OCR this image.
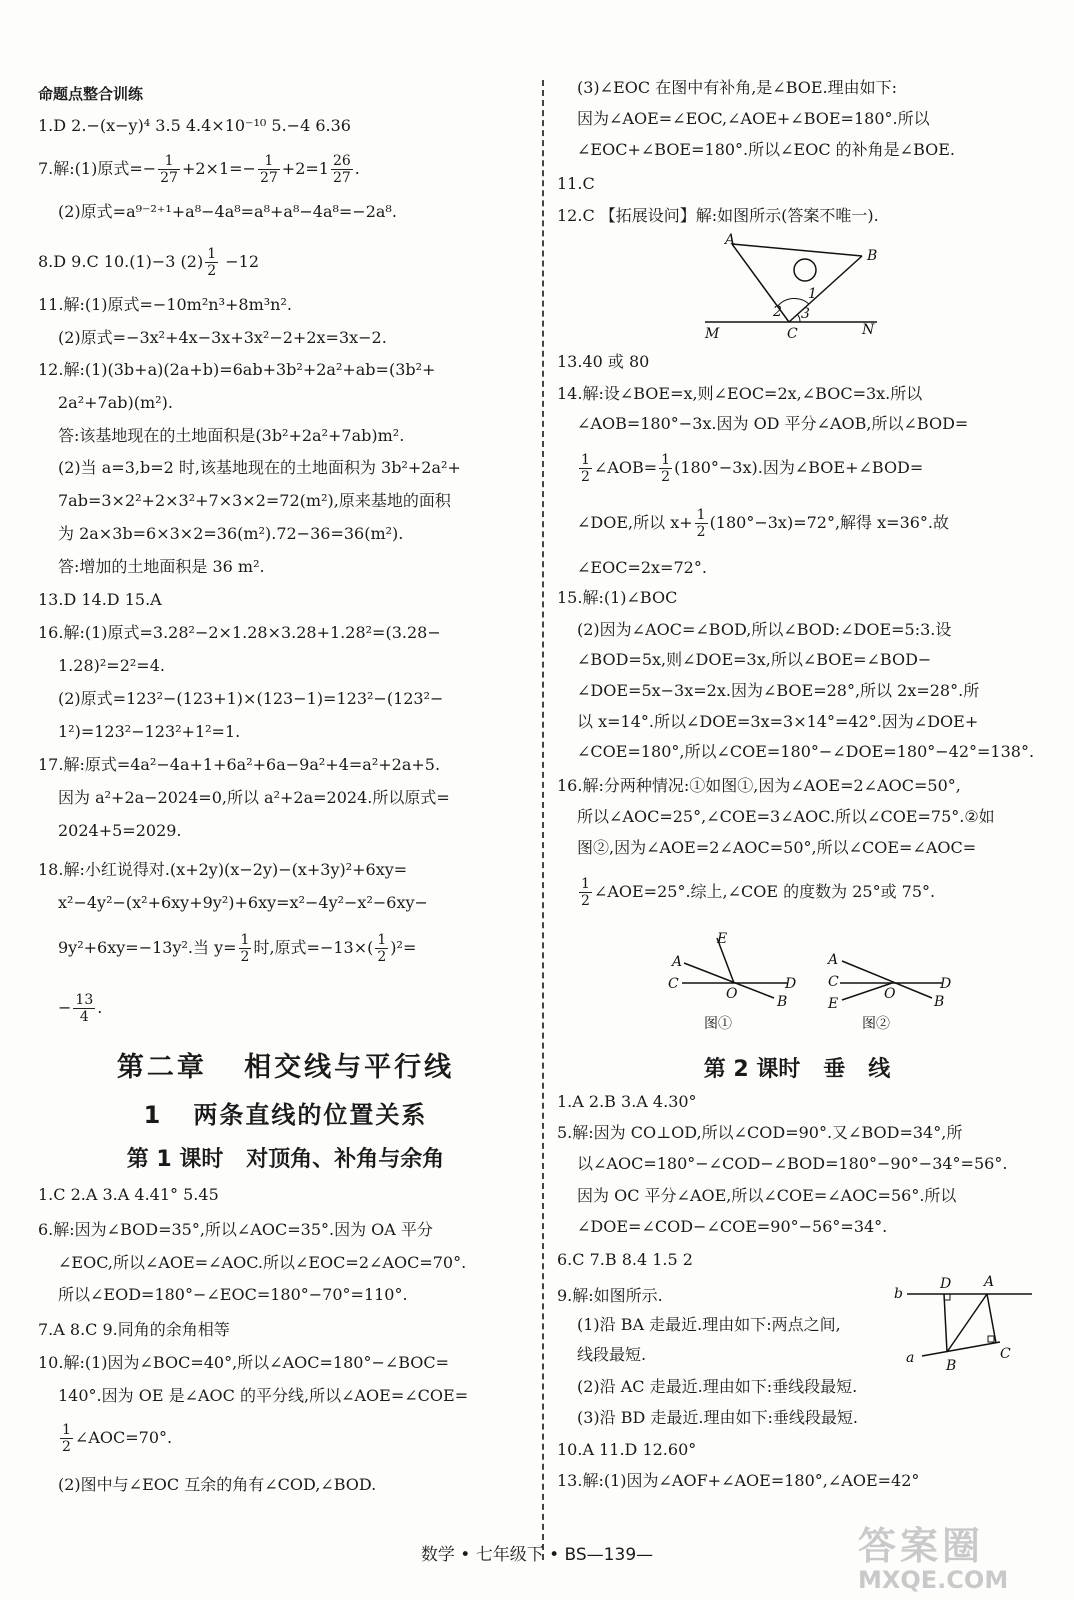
命题点整合训练
1.D 2.−(x−y)⁴ 3.5 4.4×10⁻¹⁰ 5.−4 6.36
7.解:(1)原式=− $\frac{1}{27} +2\times 1=- \frac{1}{27} +2=1 \frac{26}{27}$ .
(2)原式=a⁹⁻²⁺¹+a⁸−4a⁸=a⁸+a⁸−4a⁸=−2a⁸.
8.D 9.C 10.(1)−3 $(2) \frac{1}{2} -12$
11.解:(1)原式=−10m²n³+8m³n².
(2)原式=−3x²+4x−3x+3x²−2+2x=3x−2.
12.解:(1)(3b+a)(2a+b)=6ab+3b²+2a²+ab=(3b²+
2a²+7ab)(m²).
答:该基地现在的土地面积是(3b²+2a²+7ab)m².
(2)当 a=3,b=2 时,该基地现在的土地面积为 3b²+2a²+
7ab=3×2²+2×3²+7×3×2=72(m²),原来基地的面积
为 2a×3b=6×3×2=36(m²).72−36=36(m²).
答:增加的土地面积是 36 m².
13.D 14.D 15.A
16.解:(1)原式=3.28²−2×1.28×3.28+1.28²=(3.28−
1.28)²=2²=4.
(2)原式=123²−(123+1)×(123−1)=123²−(123²−
1²)=123²−123²+1²=1.
17.解:原式=4a²−4a+1+6a²+6a−9a²+4=a²+2a+5.
因为 a²+2a−2024=0,所以 a²+2a=2024.所以原式=
2024+5=2029.
18.解:小红说得对.(x+2y)(x−2y)−(x+3y)²+6xy=
x²−4y²−(x²+6xy+9y²)+6xy=x²−4y²−x²−6xy−
9y²+6xy=−13y².当 $y= \frac{1}{2}$ 时,原式$=-13\times( \frac{1}{2} )^2=$
− $\frac{13}{4}$ .
第二章   相交线与平行线
1   两条直线的位置关系
第 1 课时   对顶角、补角与余角
1.C 2.A 3.A 4.41° 5.45
6.解:因为∠BOD=35°,所以∠AOC=35°.因为 OA 平分
∠EOC,所以∠AOE=∠AOC.所以∠EOC=2∠AOC=70°.
所以∠EOD=180°−∠EOC=180°−70°=110°.
7.A 8.C 9.同角的余角相等
10.解:(1)因为∠BOC=40°,所以∠AOC=180°−∠BOC=
140°.因为 OE 是∠AOC 的平分线,所以∠AOE=∠COE=
$\frac{1}{2}$ ∠AOC=70°.
(2)图中与∠EOC 互余的角有∠COD,∠BOD.
(3)∠EOC 在图中有补角,是∠BOE.理由如下:
因为∠AOE=∠EOC,∠AOE+∠BOE=180°.所以
∠EOC+∠BOE=180°.所以∠EOC 的补角是∠BOE.
11.C
12.C 【拓展设问】解:如图所示(答案不唯一).
A
B
M	C	N
2
1
3
13.40 或 80
14.解:设∠BOE=x,则∠EOC=2x,∠BOC=3x.所以
∠AOB=180°−3x.因为 OD 平分∠AOB,所以∠BOD=
$\frac{1}{2}$ ∠AOB= $\frac{1}{2} (180^\circ-3x)$.因为∠BOE+∠BOD=
∠DOE,所以 $x+ \frac{1}{2} (180^\circ-3x)=72^\circ$,解得 x=36°.故
∠EOC=2x=72°.
15.解:(1)∠BOC
(2)因为∠AOC=∠BOD,所以∠BOD:∠DOE=5:3.设
∠BOD=5x,则∠DOE=3x,所以∠BOE=∠BOD−
∠DOE=5x−3x=2x.因为∠BOE=28°,所以 2x=28°.所
以 x=14°.所以∠DOE=3x=3×14°=42°.因为∠DOE+
∠COE=180°,所以∠COE=180°−∠DOE=180°−42°=138°.
16.解:分两种情况:①如图①,因为∠AOE=2∠AOC=50°,
所以∠AOC=25°,∠COE=3∠AOC.所以∠COE=75°.②如
图②,因为∠AOE=2∠AOC=50°,所以∠COE=∠AOC=
$\frac{1}{2}$ ∠AOE=25°.综上,∠COE 的度数为 25°或 75°.
E
A
C
O
D
B
图①
A
C
E
O
D
B
图②
第 2 课时   垂   线
1.A 2.B 3.A 4.30°
5.解:因为 CO⊥OD,所以∠COD=90°.又∠BOD=34°,所
以∠AOC=180°−∠COD−∠BOD=180°−90°−34°=56°.
因为 OC 平分∠AOE,所以∠COE=∠AOC=56°.所以
∠DOE=∠COD−∠COE=90°−56°=34°.
6.C 7.B 8.4 1.5 2
9.解:如图所示.
(1)沿 BA 走最近.理由如下:两点之间,
线段最短.
(2)沿 AC 走最近.理由如下:垂线段最短.
(3)沿 BD 走最近.理由如下:垂线段最短.
b
a
D A
B
C
10.A 11.D 12.60°
13.解:(1)因为∠AOF+∠AOE=180°,∠AOE=42°
数学 • 七年级下 • BS—139—	答案圈
MXQE.COM
